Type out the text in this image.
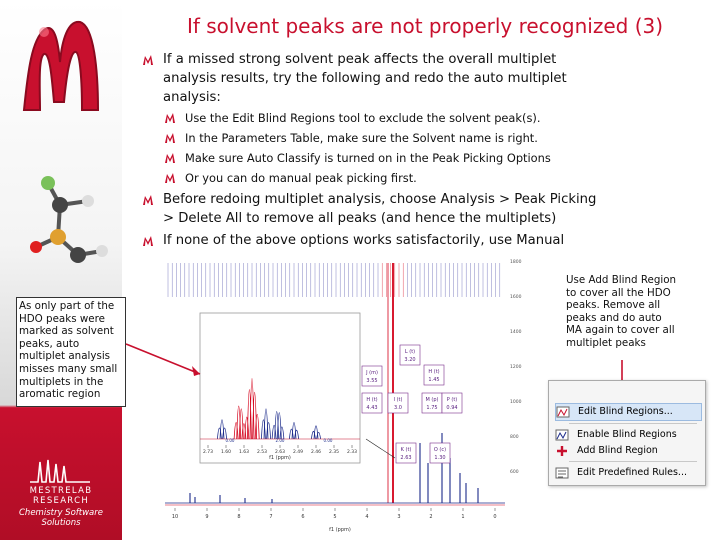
MESTRELAB RESEARCH
Chemistry Software Solutions
If solvent peaks are not properly recognized (3)
If a missed strong solvent peak affects the overall multiplet analysis results, try the following and redo the auto multiplet analysis:
Use the Edit Blind Regions tool to exclude the solvent peak(s).
In the Parameters Table, make sure the Solvent name is right.
Make sure Auto Classify is turned on in the Peak Picking Options
Or you can do manual peak picking first.
Before redoing multiplet analysis, choose Analysis > Peak Picking > Delete All to remove all peaks (and hence the multiplets)
If none of the above options works satisfactorily, use Manual
2.73 1.60 1.63 2.53 2.63 2.49 2.46 2.35 2.33
0.00	2.00	0.00
f1 (ppm)
10	9	8	7	6	5	4	3	2	1	0
f1 (ppm)
1800
1600
1400
1200
1000
800
600
L (t)
3.20
J (m)
3.55
H (t)
1.45
I (t)
3.0
H (t)
4.43
M (p)
1.75
P (t)
0.94
K (t)
2.63
O (c)
1.30
As only part of the HDO peaks were marked as solvent peaks, auto multiplet analysis misses many small multiplets in the aromatic region
Use Add Blind Region to cover all the HDO peaks. Remove all peaks and do auto MA again to cover all multiplet peaks
Edit Blind Regions...
Enable Blind Regions
Add Blind Region
Edit Predefined Rules...
